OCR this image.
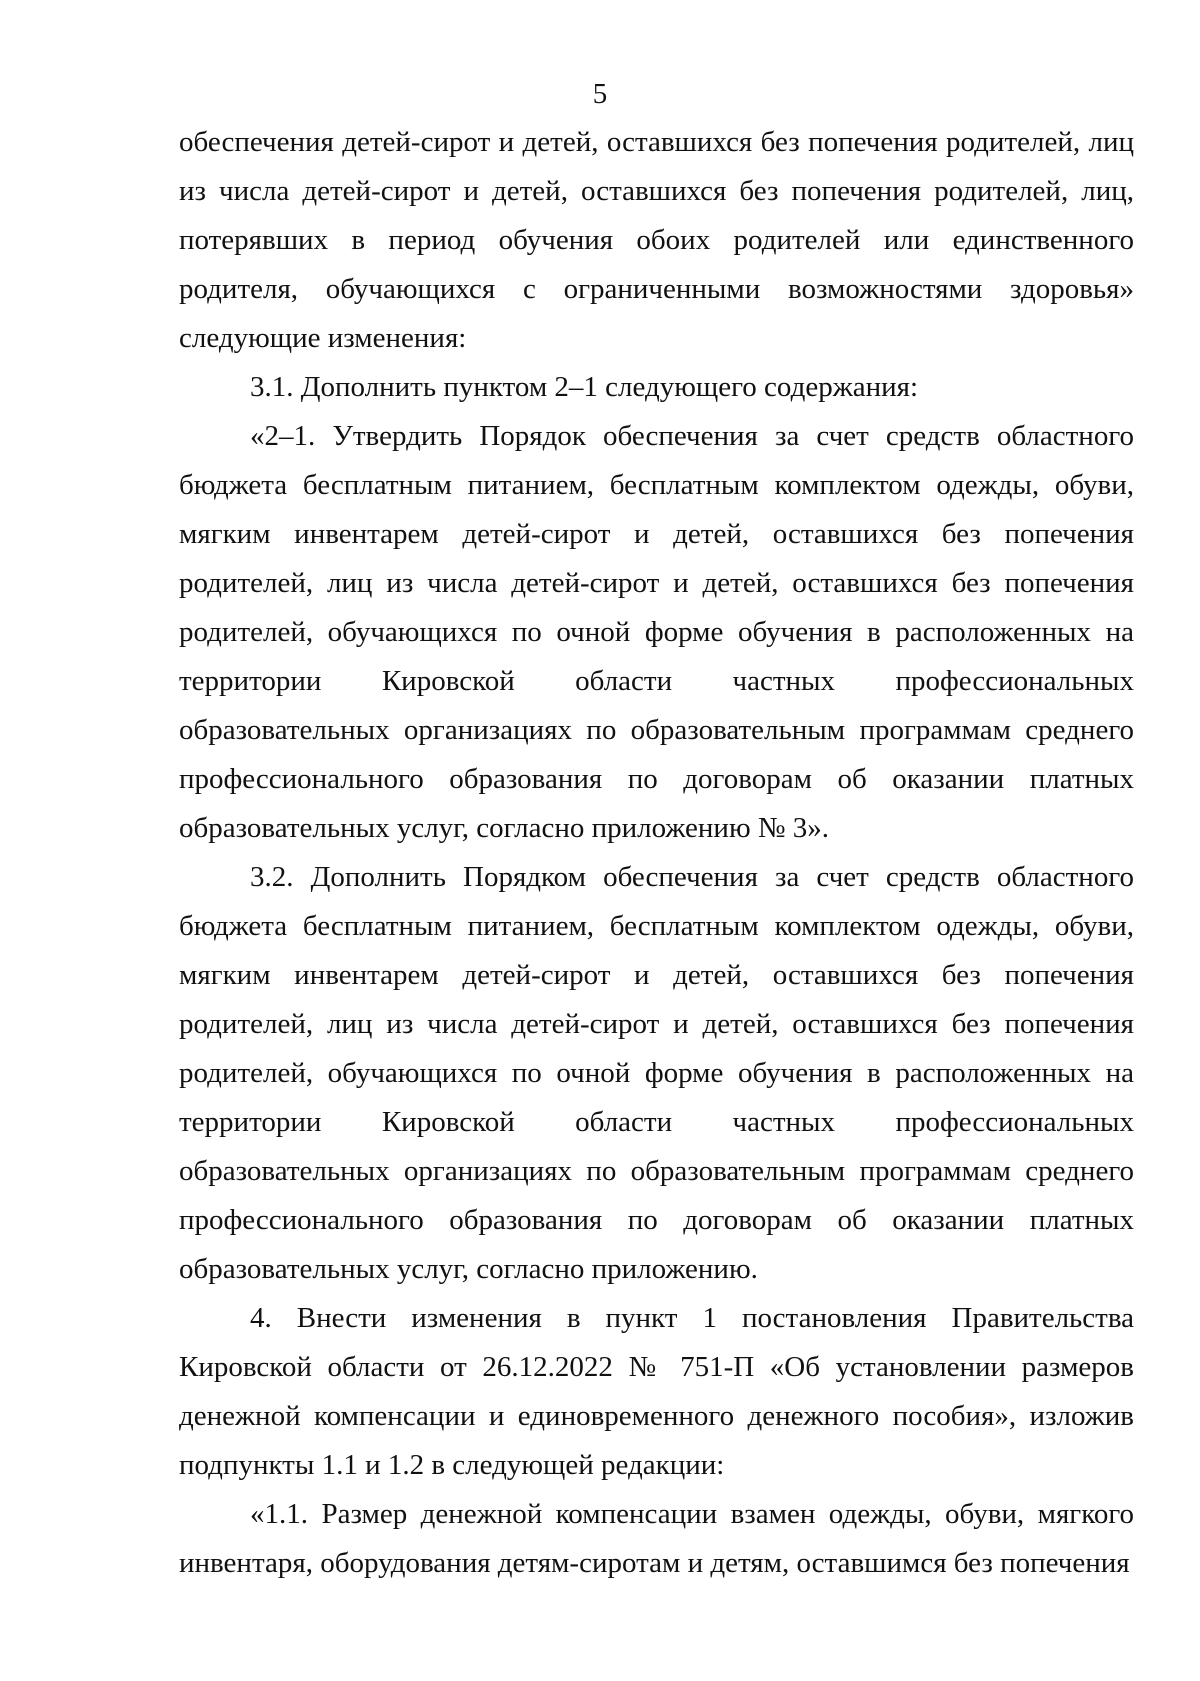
5

обеспечения детей-сирот и детей, оставшихся без попечения родителей, лиц из числа детей-сирот и детей, оставшихся без попечения родителей, лиц, потерявших в период обучения обоих родителей или единственного родителя, обучающихся с ограниченными возможностями здоровья» следующие изменения:

3.1. Дополнить пунктом 2–1 следующего содержания:

«2–1. Утвердить Порядок обеспечения за счет средств областного бюджета бесплатным питанием, бесплатным комплектом одежды, обуви, мягким инвентарем детей-сирот и детей, оставшихся без попечения родителей, лиц из числа детей-сирот и детей, оставшихся без попечения родителей, обучающихся по очной форме обучения в расположенных на территории Кировской области частных профессиональных образовательных организациях по образовательным программам среднего профессионального образования по договорам об оказании платных образовательных услуг, согласно приложению № 3».

3.2. Дополнить Порядком обеспечения за счет средств областного бюджета бесплатным питанием, бесплатным комплектом одежды, обуви, мягким инвентарем детей-сирот и детей, оставшихся без попечения родителей, лиц из числа детей-сирот и детей, оставшихся без попечения родителей, обучающихся по очной форме обучения в расположенных на территории Кировской области частных профессиональных образовательных организациях по образовательным программам среднего профессионального образования по договорам об оказании платных образовательных услуг, согласно приложению.

4. Внести изменения в пункт 1 постановления Правительства Кировской области от 26.12.2022 № 751-П «Об установлении размеров денежной компенсации и единовременного денежного пособия», изложив подпункты 1.1 и 1.2 в следующей редакции:

«1.1. Размер денежной компенсации взамен одежды, обуви, мягкого инвентаря, оборудования детям-сиротам и детям, оставшимся без попечения
